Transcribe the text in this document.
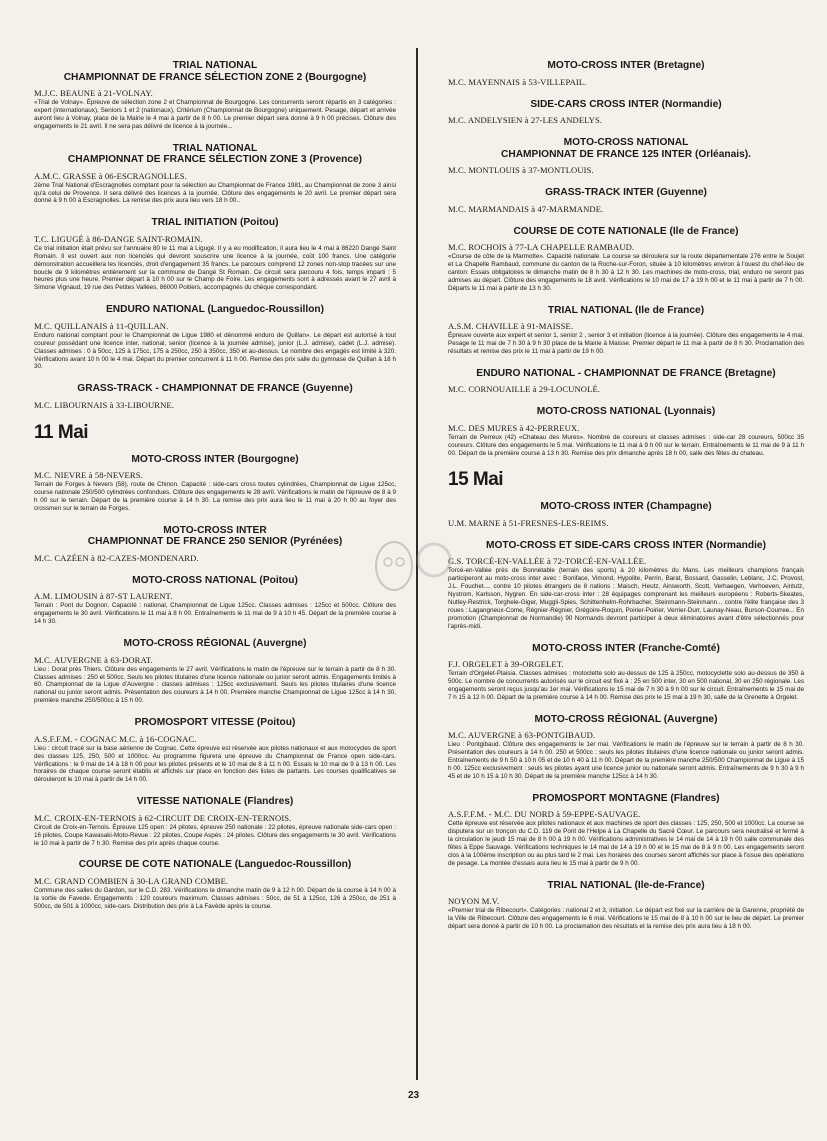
TRIAL NATIONAL
CHAMPIONNAT DE FRANCE SÉLECTION ZONE 2 (Bourgogne)
M.J.C. BEAUNE à 21-VOLNAY.

«Trial de Volnay». Épreuve de sélection zone 2 et Championnat de Bourgogne. Les concurrents seront répartis en 3 catégories : expert (internationaux), Seniors 1 et 2 (nationaux), Critérium (Championnat de Bourgogne) uniquement. Pesage, départ et arrivée auront lieu à Volnay, place de la Mairie le 4 mai à partir de 8 h 00. Le premier départ sera donné à 9 h 00 précises. Clôture des engagements le 21 avril. Il ne sera pas délivré de licence à la journée...

TRIAL NATIONAL
CHAMPIONNAT DE FRANCE SÉLECTION ZONE 3 (Provence)
A.M.C. GRASSE à 06-ESCRAGNOLLES.

2ème Trial National d'Escragnolles comptant pour la sélection au Championnat de France 1981, au Championnat de zone 3 ainsi qu'à celui de Provence. Il sera délivré des licences à la journée. Clôture des engagements le 20 avril. Le premier départ sera donné à 9 h 00 à Escragnolles. La remise des prix aura lieu vers 18 h 00..

TRIAL INITIATION (Poitou)
T.C. LIGUGÉ à 86-DANGE SAINT-ROMAIN.

Ce trial initiation était prévu sur l'annuaire 80 le 11 mai à Ligugé. Il y a eu modification, il aura lieu le 4 mai à 86220 Dangé Saint Romain. Il est ouvert aux non licenciés qui devront souscrire une licence à la journée, coût 100 francs. Une catégorie démonstration accueillera les licenciés, droit d'engagement 35 francs. Le parcours comprend 12 zones non-stop tracées sur une boucle de 9 kilomètres entièrement sur la commune de Dangé St Romain. Ce circuit sera parcouru 4 fois, temps imparti : 5 heures plus une heure. Premier départ à 10 h 00 sur le Champ de Foire. Les engagements sont à adressés avant le 27 avril à Simone Vignaud, 19 rue des Petites Vallées, 86000 Poitiers, accompagnés du chèque correspondant.

ENDURO NATIONAL (Languedoc-Roussillon)
M.C. QUILLANAIS à 11-QUILLAN.

Enduro national comptant pour le Championnat de Ligue 1980 et dénommé enduro de Quillan». Le départ est autorisé à tout coureur possédant une licence inter, national, senior (licence à la journée admise), junior (L.J. admise), cadet (L.J. admise). Classes admises : 0 à 50cc, 125 à 175cc, 175 à 250cc, 250 à 350cc, 350 et au-dessus. Le nombre des engagés est limité à 320. Vérifications avant 10 h 00 le 4 mai. Départ du premier concurrent à 11 h 00. Remise des prix salle du gymnase de Quillan à 18 h 30.

GRASS-TRACK - CHAMPIONNAT DE FRANCE (Guyenne)
M.C. LIBOURNAIS à 33-LIBOURNE.
11 Mai
MOTO-CROSS INTER (Bourgogne)
M.C. NIEVRE à 58-NEVERS.

Terrain de Forges à Nevers (58), route de Chinon. Capacité : side-cars cross toutes cylindrées, Championnat de Ligue 125cc, course nationale 250/500 cylindrées confondues. Clôture des engagements le 28 avril. Vérifications le matin de l'épreuve de 8 à 9 h 00 sur le terrain. Départ de la première course à 14 h 30. La remise des prix aura lieu le 11 mai à 20 h 00 au foyer des crossmen sur le terrain de Forges.

MOTO-CROSS INTER
CHAMPIONNAT DE FRANCE 250 SENIOR (Pyrénées)
M.C. CAZÉEN à 82-CAZES-MONDENARD.
MOTO-CROSS NATIONAL (Poitou)
A.M. LIMOUSIN à 87-ST LAURENT.

Terrain : Pont du Dognon. Capacité : national, Championnat de Ligue 125cc. Classes admises : 125cc et 500cc. Clôture des engagements le 30 avril. Vérifications le 11 mai à 8 h 00. Entraînements le 11 mai de 9 à 10 h 45. Départ de la première course à 14 h 30.

MOTO-CROSS RÉGIONAL (Auvergne)
M.C. AUVERGNE à 63-DORAT.

Lieu : Dorat près Thiers. Clôture des engagements le 27 avril. Vérifications le matin de l'épreuve sur le terrain à partir de 8 h 30. Classes admises : 250 et 500cc. Seuls les pilotes titulaires d'une licence nationale ou junior seront admis. Engagements limités à 60. Championnat de la Ligue d'Auvergne : classes admises : 125cc exclusivement. Seuls les pilotes titulaires d'une licence national ou junior seront admis. Présentation des coureurs à 14 h 00. Première manche Championnat de Ligue 125cc à 14 h 30, première manche 250/500cc à 15 h 00.

PROMOSPORT VITESSE (Poitou)
A.S.F.F.M. - COGNAC M.C. à 16-COGNAC.

Lieu : circuit tracé sur la base aérienne de Cognac. Cette épreuve est réservée aux pilotes nationaux et aux motocycles de sport des classes 125, 250, 500 et 1000cc. Au programme figurera une épreuve du Championnat de France open side-cars. Vérifications : le 9 mai de 14 à 18 h 00 pour les pilotes présents et le 10 mai de 8 à 11 h 00. Essais le 10 mai de 9 à 13 h 00. Les horaires de chaque course seront établis et affichés sur place en fonction des listes de partants. Les courses qualificatives se dérouleront le 10 mai à partir de 14 h 00.

VITESSE NATIONALE (Flandres)
M.C. CROIX-EN-TERNOIS à 62-CIRCUIT DE CROIX-EN-TERNOIS.

Circuit de Croix-en-Ternois. Épreuve 125 open : 24 pilotes, épreuve 250 nationale : 22 pilotes, épreuve nationale side-cars open : 16 pilotes, Coupe Kawasaki-Moto-Revue : 22 pilotes, Coupe Aspés : 24 pilotes. Clôture des engagements le 30 avril. Vérifications le 10 mai à partir de 7 h 30. Remise des prix après chaque course.

COURSE DE COTE NATIONALE (Languedoc-Roussillon)
M.C. GRAND COMBIEN à 30-LA GRAND COMBE.

Commune des salles du Gardon, sur le C.D. 283. Vérifications le dimanche matin de 9 à 12 h 00. Départ de la course à 14 h 00 à la sortie de Favede. Engagements : 120 coureurs maximum. Classes admises : 50cc, de 51 à 125cc, 126 à 250cc, de 251 à 500cc, de 501 à 1000cc, side-cars. Distribution des prix à La Favède après la course.

MOTO-CROSS INTER (Bretagne)
M.C. MAYENNAIS à 53-VILLEPAIL.
SIDE-CARS CROSS INTER (Normandie)
M.C. ANDELYSIEN à 27-LES ANDELYS.
MOTO-CROSS NATIONAL
CHAMPIONNAT DE FRANCE 125 INTER (Orléanais).
M.C. MONTLOUIS à 37-MONTLOUIS.
GRASS-TRACK INTER (Guyenne)
M.C. MARMANDAIS à 47-MARMANDE.
COURSE DE COTE NATIONALE (Ile de France)
M.C. ROCHOIS à 77-LA CHAPELLE RAMBAUD.

«Course de côte de la Marmotte». Capacité nationale. La course se déroulera sur la route départementale 276 entre le Soujet et La Chapelle Rambaud, commune du canton de la Roche-sur-Foron, située à 10 kilomètres environ à l'ouest du chef-lieu de canton: Essais obligatoires le dimanche matin de 8 h 30 à 12 h 30. Les machines de moto-cross, trial, enduro ne seront pas admises au départ. Clôture des engagements le 18 avril. Vérifications le 10 mai de 17 à 19 h 00 et le 11 mai à partir de 7 h 00. Départs le 11 mai à partir de 13 h 30.

TRIAL NATIONAL (Ile de France)
A.S.M. CHAVILLE à 91-MAISSE.

Épreuve ouverte aux expert et senior 1, senior 2 , senior 3 et initiation (licence à la journée). Clôture des engagements le 4 mai. Pesage le 11 mai de 7 h 30 à 9 h 30 place de la Mairie à Maisse. Premier départ le 11 mai à partir de 8 h 30. Proclamation des résultats et remise des prix le 11 mai à partir de 19 h 00.

ENDURO NATIONAL - CHAMPIONNAT DE FRANCE (Bretagne)
M.C. CORNOUAILLE à 29-LOCUNOLÉ.
MOTO-CROSS NATIONAL (Lyonnais)
M.C. DES MURES à 42-PERREUX.

Terrain de Perreux (42) «Chateau des Mures». Nombre de coureurs et classes admises : side-car 28 coureurs, 500cc 35 coureurs. Clôture des engagements le 5 mai. Vérifications le 11 mai à 9 h 00 sur le terrain. Entraînements le 11 mai de 9 à 11 h 00. Départ de la première course à 13 h 30. Remise des prix dimanche après 18 h 00, salle des fêtes du chateau.

15 Mai
MOTO-CROSS INTER (Champagne)
U.M. MARNE à 51-FRESNES-LES-REIMS.
MOTO-CROSS ET SIDE-CARS CROSS INTER (Normandie)
G.S. TORCÉ-EN-VALLÉE à 72-TORCÉ-EN-VALLÉE.

Torcé-en-Vallée près de Bonnétable (terrain des sports) à 20 kilomètres du Mans. Les meilleurs champions français participeront au moto-cross inter avec : Boniface, Vimond, Hypolite, Perrin, Barat, Bossard, Gasselin, Leblanc, J.C. Provost, J.L. Fouchet.... contre 10 pilotes étrangers de 8 nations : Maisch, Heutz, Ainsworth, Scott, Verhaegen, Verhoeven, Aintutz, Nystrom, Karlsson, Nygren. En side-car-cross inter : 28 équipages comprenant les meilleurs européens : Roberts-Skeates, Nutley-Restrick, Torghele-Giger, Muggli-Spies, Schittenhelm-Rohrbacher, Steinmann-Steinmann... contre l'élite française des 3 roues : Lagangneux-Come, Régnier-Régnier, Grégoire-Roquin, Poirier-Poirier, Verrier-Durr, Launay-Neau, Burson-Courree... En promotion (Championnat de Normandie) 90 Normands devront participer à deux éliminatoires avant d'être sélectionnés pour l'après-midi.

MOTO-CROSS INTER (Franche-Comté)
F.J. ORGELET à 39-ORGELET.

Terrain d'Orgelet-Plaisia. Classes admises : motoclette solo au-dessus de 125 à 250cc, motocyclette solo au-dessus de 350 à 500c. Le nombre de concurrents autorisés sur le circuit est fixé à : 25 en 500 inter, 30 en 500 national, 30 en 250 régionale. Les engagements seront reçus jusqu'au 1er mai. Vérifications le 15 mai de 7 h 30 à 9 h 00 sur le circuit. Entraînements le 15 mai de 7 h 15 à 12 h 00. Départ de la première course à 14 h 00. Remise des prix le 15 mai à 19 h 30, salle de la Grenette à Orgelet.

MOTO-CROSS RÉGIONAL (Auvergne)
M.C. AUVERGNE à 63-PONTGIBAUD.

Lieu : Pontgibaud. Clôture des engagements le 1er mai. Vérifications le matin de l'épreuve sur le terrain à partir de 8 h 30. Présentation des coureurs à 14 h 00. 250 et 500cc : seuls les pilotes titulaires d'une licence nationale ou junior seront admis. Entraînements de 9 h 50 à 10 h 05 et de 10 h 40 à 11 h 00. Départ de la première manche 250/500 Championnat de Ligue à 15 h 00. 125cc exclusivement : seuls les pilotes ayant une licence junior ou nationale seront admis. Entraînements de 9 h 30 à 9 h 45 et de 10 h 15 à 10 h 30. Départ de la première manche 125cc à 14 h 30.

PROMOSPORT MONTAGNE (Flandres)
A.S.F.F.M. - M.C. DU NORD à 59-EPPE-SAUVAGE.

Cette épreuve est réservée aux pilotes nationaux et aux machines de sport des classes : 125, 250, 500 et 1000cc. La course se disputera sur un tronçon du C.D. 119 de Pont de l'Helpe à La Chapelle du Sacré Cœur. Le parcours sera neutralisé et fermé à la circulation le jeudi 15 mai de 8 h 00 à 19 h 00. Vérifications administratives le 14 mai de 14 à 19 h 00 salle communale des fêtes à Eppe Sauvage. Vérifications techniques le 14 mai de 14 à 19 h 00 et le 15 mai de 8 à 9 h 00. Les engagements seront clos à la 100ème inscription ou au plus tard le 2 mai. Les horaires des courses seront affichés sur place à l'issue des opérations de pesage. La montée d'essais aura lieu le 15 mai à partir de 9 h 00.

TRIAL NATIONAL (Ile-de-France)
NOYON M.V.

«Premier trial de Ribecourt». Catégories : national 2 et 3, initiation. Le départ est fixé sur la carrière de la Garenne, propriété de la Ville de Ribecourt. Clôture des engagements le 6 mai. Vérifications le 15 mai de 8 à 10 h 00 sur le lieu de départ. Le premier départ sera donné à partir de 10 h 00. La proclamation des résultats et la remise des prix aura lieu à 18 h 00.

23
